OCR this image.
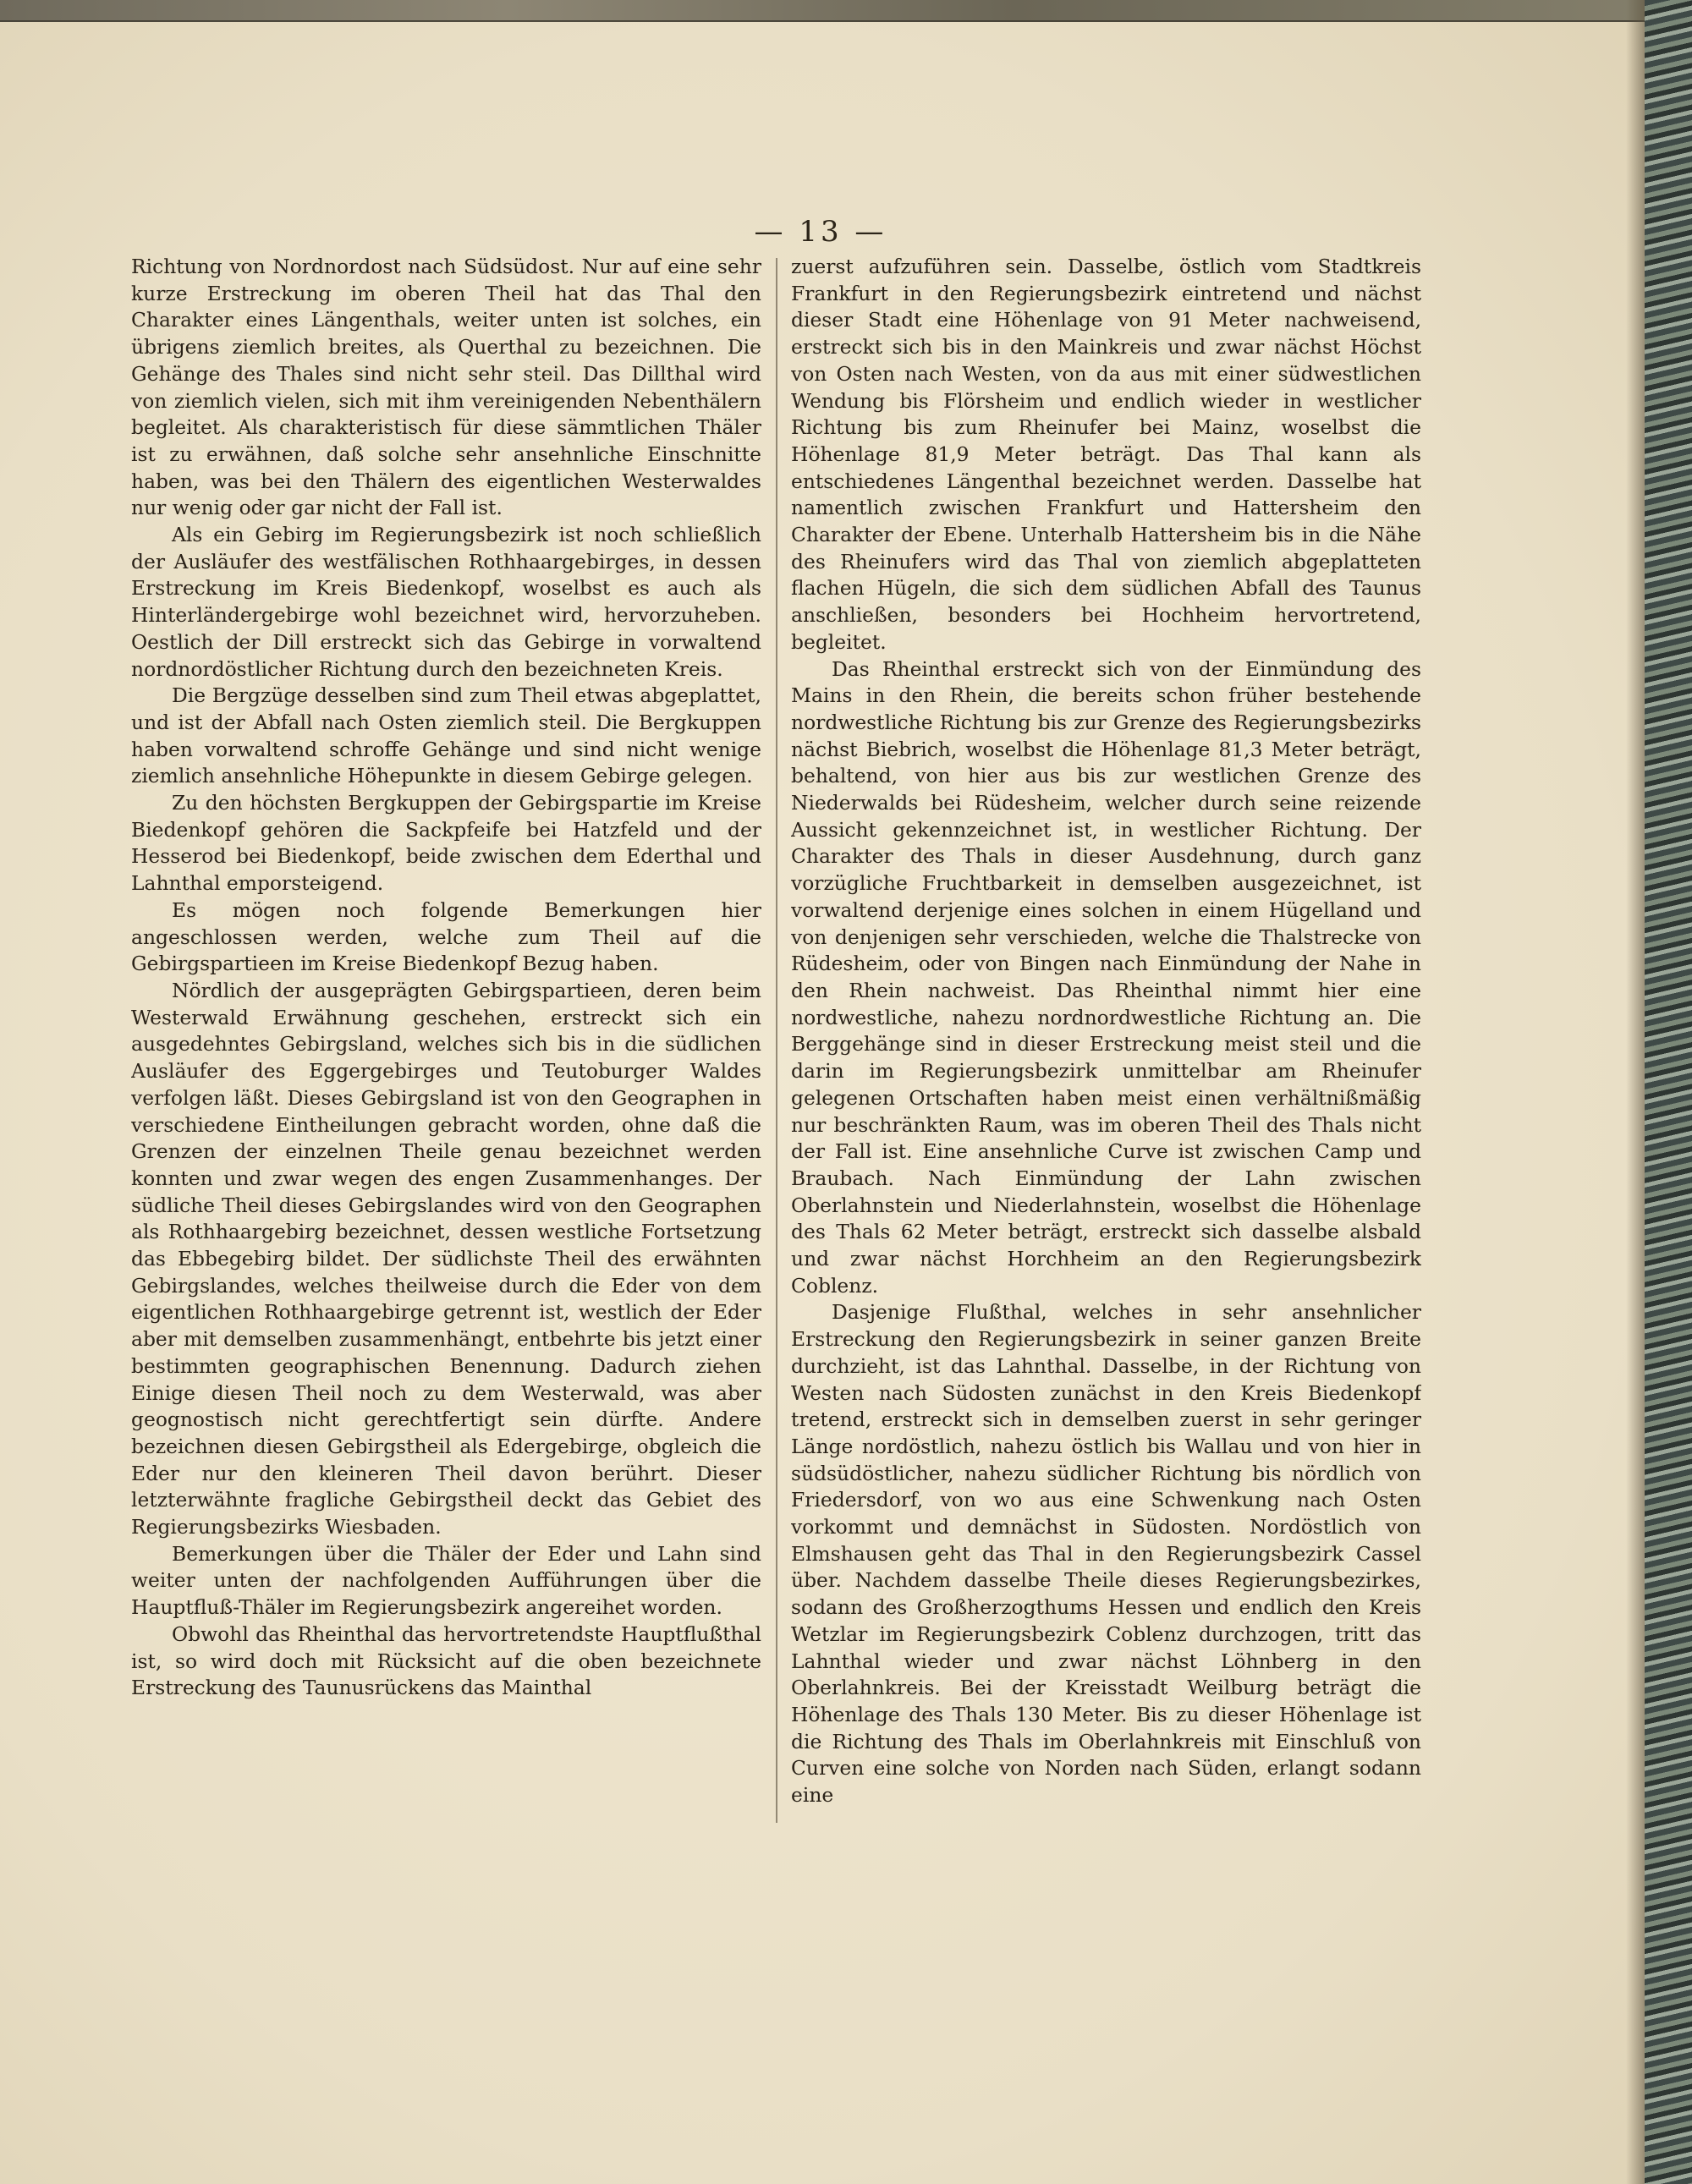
— 13 —

Richtung von Nordnordost nach Südsüdost. Nur auf eine sehr kurze Erstreckung im oberen Theil hat das Thal den Charakter eines Längenthals, weiter unten ist solches, ein übrigens ziemlich breites, als Querthal zu bezeichnen. Die Gehänge des Thales sind nicht sehr steil. Das Dillthal wird von ziemlich vielen, sich mit ihm vereinigenden Nebenthälern begleitet. Als charakteristisch für diese sämmtlichen Thäler ist zu erwähnen, daß solche sehr ansehnliche Einschnitte haben, was bei den Thälern des eigentlichen Westerwaldes nur wenig oder gar nicht der Fall ist.

Als ein Gebirg im Regierungsbezirk ist noch schließlich der Ausläufer des westfälischen Rothhaargebirges, in dessen Erstreckung im Kreis Biedenkopf, woselbst es auch als Hinterländergebirge wohl bezeichnet wird, hervorzuheben. Oestlich der Dill erstreckt sich das Gebirge in vorwaltend nordnordöstlicher Richtung durch den bezeichneten Kreis.

Die Bergzüge desselben sind zum Theil etwas abgeplattet, und ist der Abfall nach Osten ziemlich steil. Die Bergkuppen haben vorwaltend schroffe Gehänge und sind nicht wenige ziemlich ansehnliche Höhepunkte in diesem Gebirge gelegen.

Zu den höchsten Bergkuppen der Gebirgspartie im Kreise Biedenkopf gehören die Sackpfeife bei Hatzfeld und der Hesserod bei Biedenkopf, beide zwischen dem Ederthal und Lahnthal emporsteigend.

Es mögen noch folgende Bemerkungen hier angeschlossen werden, welche zum Theil auf die Gebirgspartieen im Kreise Biedenkopf Bezug haben.

Nördlich der ausgeprägten Gebirgspartieen, deren beim Westerwald Erwähnung geschehen, erstreckt sich ein ausgedehntes Gebirgsland, welches sich bis in die südlichen Ausläufer des Eggergebirges und Teutoburger Waldes verfolgen läßt. Dieses Gebirgsland ist von den Geographen in verschiedene Eintheilungen gebracht worden, ohne daß die Grenzen der einzelnen Theile genau bezeichnet werden konnten und zwar wegen des engen Zusammenhanges. Der südliche Theil dieses Gebirgslandes wird von den Geographen als Rothhaargebirg bezeichnet, dessen westliche Fortsetzung das Ebbegebirg bildet. Der südlichste Theil des erwähnten Gebirgslandes, welches theilweise durch die Eder von dem eigentlichen Rothhaargebirge getrennt ist, westlich der Eder aber mit demselben zusammenhängt, entbehrte bis jetzt einer bestimmten geographischen Benennung. Dadurch ziehen Einige diesen Theil noch zu dem Westerwald, was aber geognostisch nicht gerechtfertigt sein dürfte. Andere bezeichnen diesen Gebirgstheil als Edergebirge, obgleich die Eder nur den kleineren Theil davon berührt. Dieser letzterwähnte fragliche Gebirgstheil deckt das Gebiet des Regierungsbezirks Wiesbaden.

Bemerkungen über die Thäler der Eder und Lahn sind weiter unten der nachfolgenden Aufführungen über die Hauptfluß-Thäler im Regierungsbezirk angereihet worden.

Obwohl das Rheinthal das hervortretendste Hauptflußthal ist, so wird doch mit Rücksicht auf die oben bezeichnete Erstreckung des Taunusrückens das Mainthal

zuerst aufzuführen sein. Dasselbe, östlich vom Stadtkreis Frankfurt in den Regierungsbezirk eintretend und nächst dieser Stadt eine Höhenlage von 91 Meter nachweisend, erstreckt sich bis in den Mainkreis und zwar nächst Höchst von Osten nach Westen, von da aus mit einer südwestlichen Wendung bis Flörsheim und endlich wieder in westlicher Richtung bis zum Rheinufer bei Mainz, woselbst die Höhenlage 81,9 Meter beträgt. Das Thal kann als entschiedenes Längenthal bezeichnet werden. Dasselbe hat namentlich zwischen Frankfurt und Hattersheim den Charakter der Ebene. Unterhalb Hattersheim bis in die Nähe des Rheinufers wird das Thal von ziemlich abgeplatteten flachen Hügeln, die sich dem südlichen Abfall des Taunus anschließen, besonders bei Hochheim hervortretend, begleitet.

Das Rheinthal erstreckt sich von der Einmündung des Mains in den Rhein, die bereits schon früher bestehende nordwestliche Richtung bis zur Grenze des Regierungsbezirks nächst Biebrich, woselbst die Höhenlage 81,3 Meter beträgt, behaltend, von hier aus bis zur westlichen Grenze des Niederwalds bei Rüdesheim, welcher durch seine reizende Aussicht gekennzeichnet ist, in westlicher Richtung. Der Charakter des Thals in dieser Ausdehnung, durch ganz vorzügliche Fruchtbarkeit in demselben ausgezeichnet, ist vorwaltend derjenige eines solchen in einem Hügelland und von denjenigen sehr verschieden, welche die Thalstrecke von Rüdesheim, oder von Bingen nach Einmündung der Nahe in den Rhein nachweist. Das Rheinthal nimmt hier eine nordwestliche, nahezu nordnordwestliche Richtung an. Die Berggehänge sind in dieser Erstreckung meist steil und die darin im Regierungsbezirk unmittelbar am Rheinufer gelegenen Ortschaften haben meist einen verhältnißmäßig nur beschränkten Raum, was im oberen Theil des Thals nicht der Fall ist. Eine ansehnliche Curve ist zwischen Camp und Braubach. Nach Einmündung der Lahn zwischen Oberlahnstein und Niederlahnstein, woselbst die Höhenlage des Thals 62 Meter beträgt, erstreckt sich dasselbe alsbald und zwar nächst Horchheim an den Regierungsbezirk Coblenz.

Dasjenige Flußthal, welches in sehr ansehnlicher Erstreckung den Regierungsbezirk in seiner ganzen Breite durchzieht, ist das Lahnthal. Dasselbe, in der Richtung von Westen nach Südosten zunächst in den Kreis Biedenkopf tretend, erstreckt sich in demselben zuerst in sehr geringer Länge nordöstlich, nahezu östlich bis Wallau und von hier in südsüdöstlicher, nahezu südlicher Richtung bis nördlich von Friedersdorf, von wo aus eine Schwenkung nach Osten vorkommt und demnächst in Südosten. Nordöstlich von Elmshausen geht das Thal in den Regierungsbezirk Cassel über. Nachdem dasselbe Theile dieses Regierungsbezirkes, sodann des Großherzogthums Hessen und endlich den Kreis Wetzlar im Regierungsbezirk Coblenz durchzogen, tritt das Lahnthal wieder und zwar nächst Löhnberg in den Oberlahnkreis. Bei der Kreisstadt Weilburg beträgt die Höhenlage des Thals 130 Meter. Bis zu dieser Höhenlage ist die Richtung des Thals im Oberlahnkreis mit Einschluß von Curven eine solche von Norden nach Süden, erlangt sodann eine
